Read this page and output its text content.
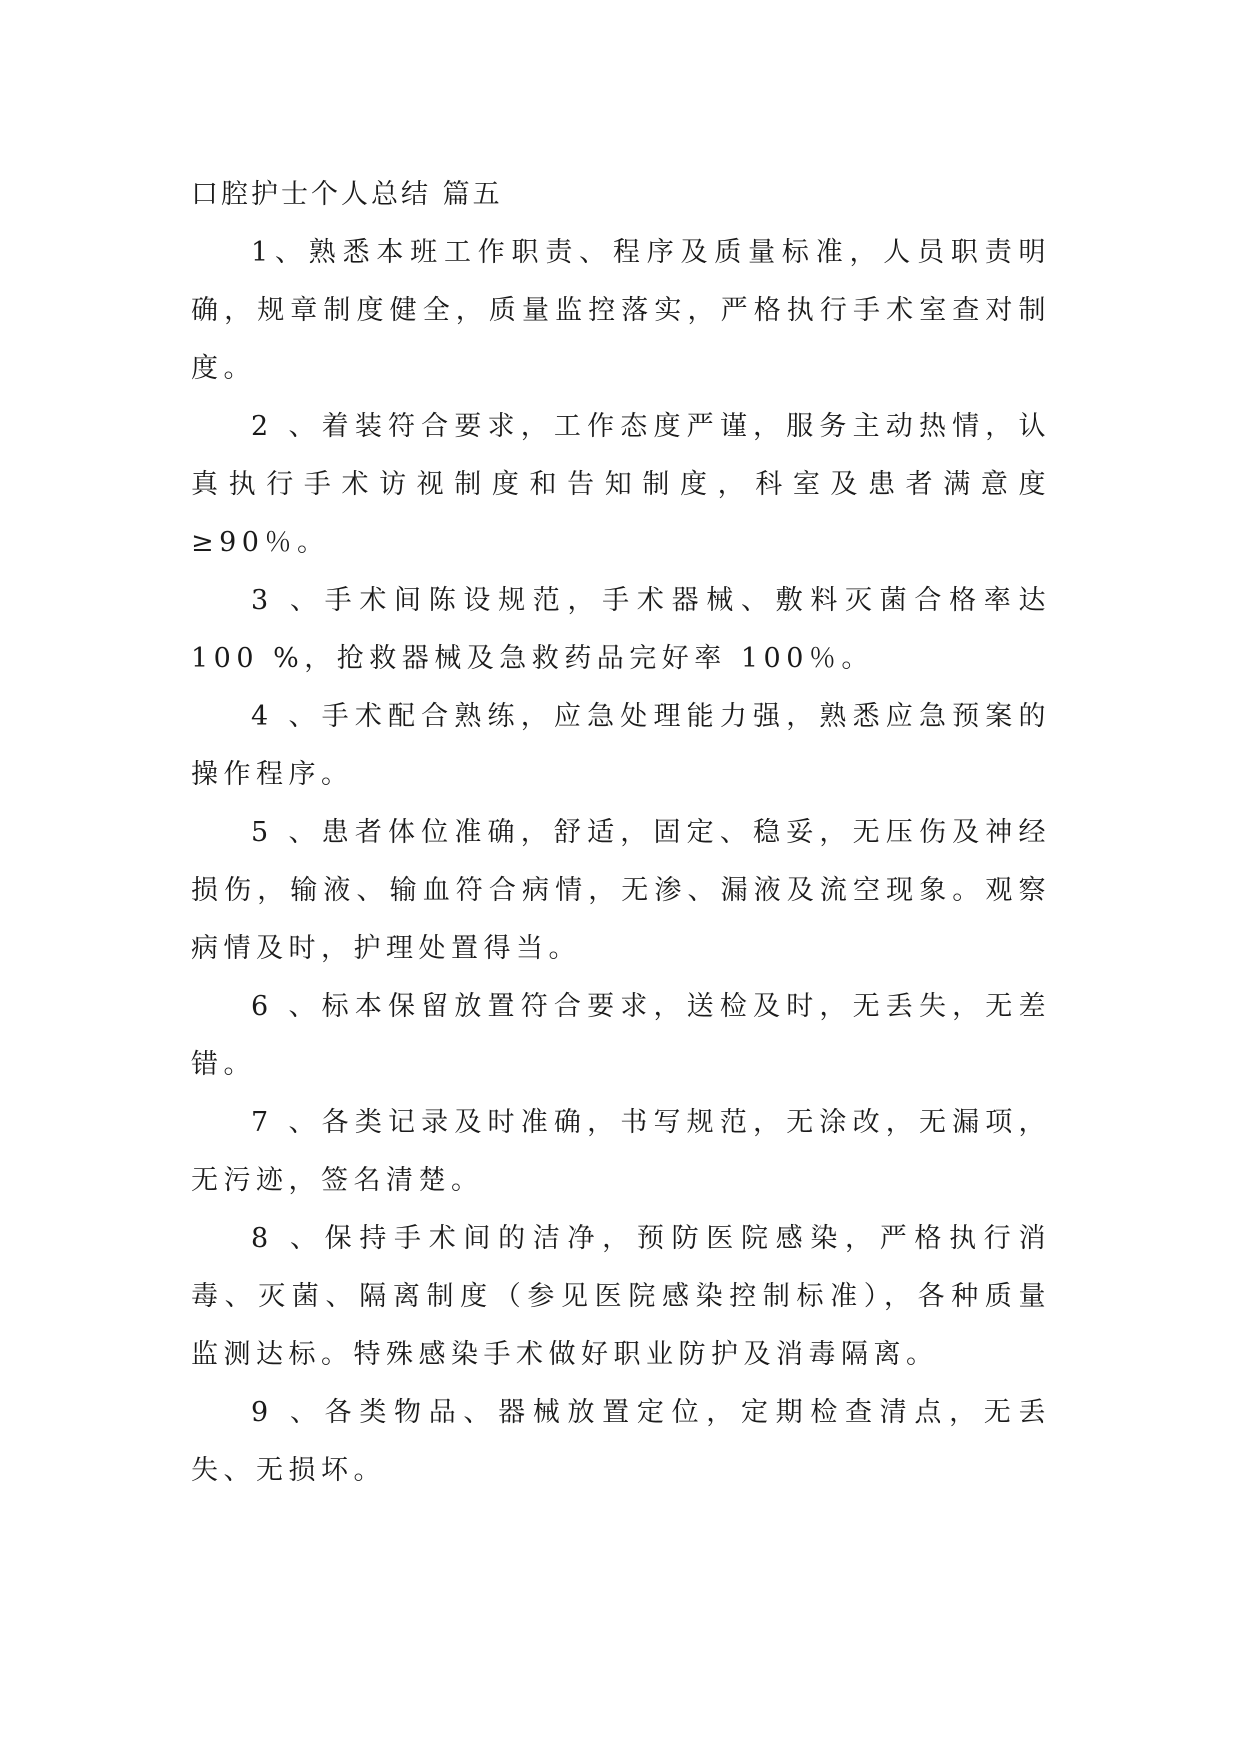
口腔护士个人总结 篇五

1、熟悉本班工作职责、程序及质量标准，人员职责明确，规章制度健全，质量监控落实，严格执行手术室查对制度。

2 、着装符合要求，工作态度严谨，服务主动热情，认真执行手术访视制度和告知制度，科室及患者满意度≥90％。

3 、手术间陈设规范，手术器械、敷料灭菌合格率达100 %，抢救器械及急救药品完好率 100％。

4 、手术配合熟练，应急处理能力强，熟悉应急预案的操作程序。

5 、患者体位准确，舒适，固定、稳妥，无压伤及神经损伤，输液、输血符合病情，无渗、漏液及流空现象。观察病情及时，护理处置得当。

6 、标本保留放置符合要求，送检及时，无丢失，无差错。

7 、各类记录及时准确，书写规范，无涂改，无漏项，无污迹，签名清楚。

8 、保持手术间的洁净，预防医院感染，严格执行消毒、灭菌、隔离制度（参见医院感染控制标准），各种质量监测达标。特殊感染手术做好职业防护及消毒隔离。

9 、各类物品、器械放置定位，定期检查清点，无丢失、无损坏。
